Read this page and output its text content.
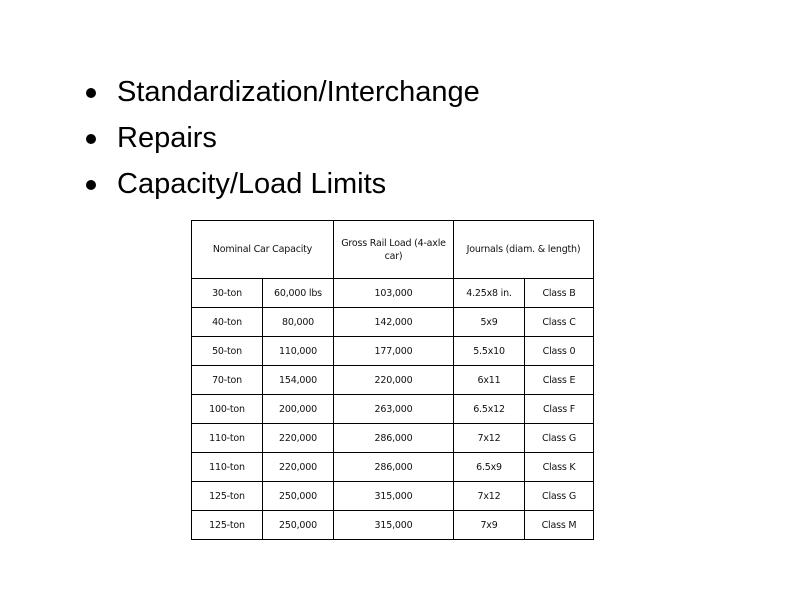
Standardization/Interchange
Repairs
Capacity/Load Limits
Nominal Car Capacity		Gross Rail Load (4-axle car)	Journals (diam. & length)	
30-ton	60,000 lbs	103,000	4.25x8 in.	Class B
40-ton	80,000	142,000	5x9	Class C
50-ton	110,000	177,000	5.5x10	Class 0
70-ton	154,000	220,000	6x11	Class E
100-ton	200,000	263,000	6.5x12	Class F
110-ton	220,000	286,000	7x12	Class G
110-ton	220,000	286,000	6.5x9	Class K
125-ton	250,000	315,000	7x12	Class G
125-ton	250,000	315,000	7x9	Class M
